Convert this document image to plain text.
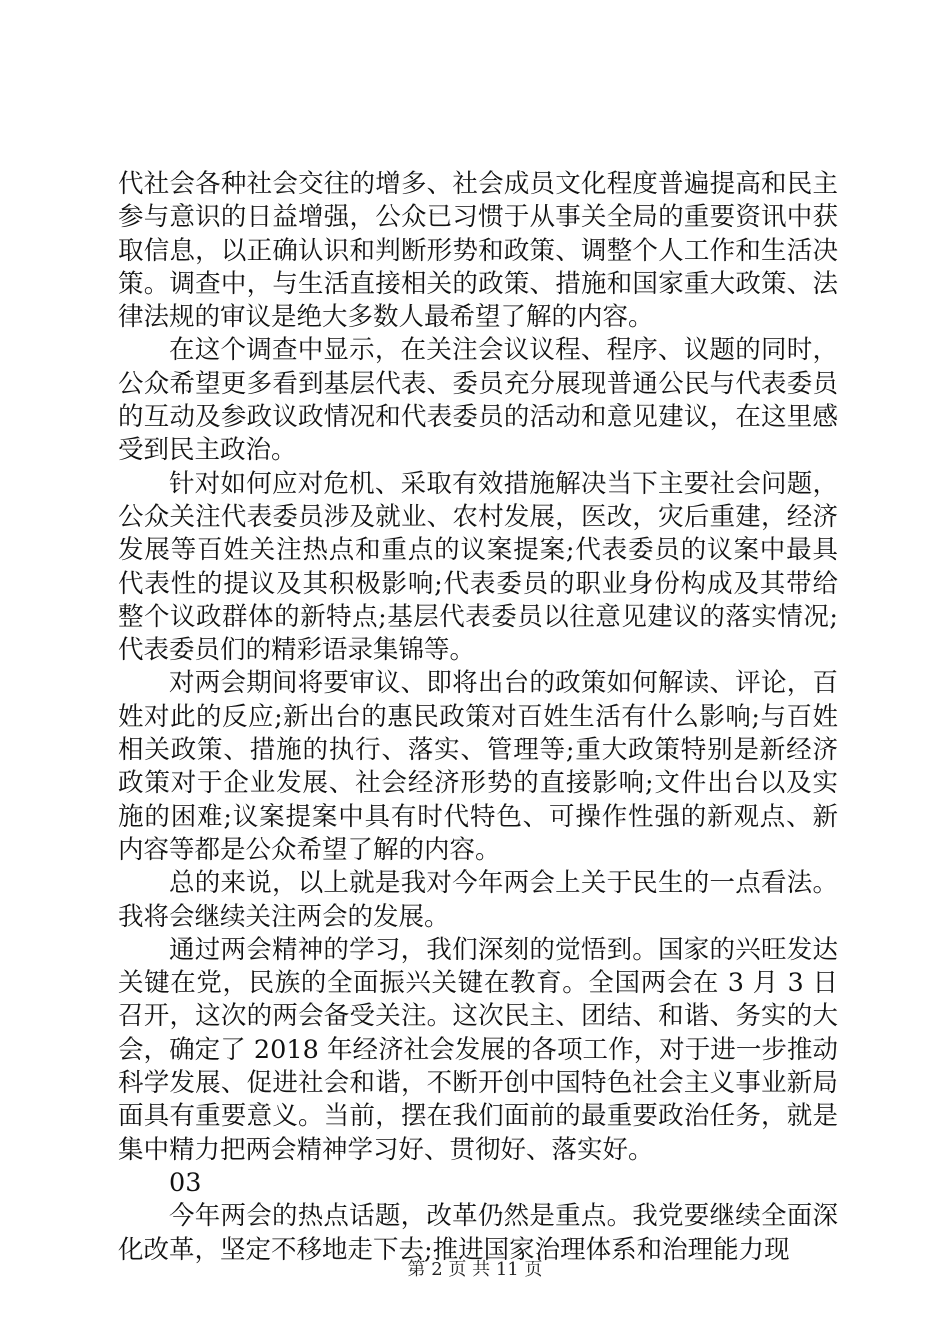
代社会各种社会交往的增多、社会成员文化程度普遍提高和民主参与意识的日益增强，公众已习惯于从事关全局的重要资讯中获取信息，以正确认识和判断形势和政策、调整个人工作和生活决策。调查中，与生活直接相关的政策、措施和国家重大政策、法律法规的审议是绝大多数人最希望了解的内容。

在这个调查中显示，在关注会议议程、程序、议题的同时，公众希望更多看到基层代表、委员充分展现普通公民与代表委员的互动及参政议政情况和代表委员的活动和意见建议，在这里感受到民主政治。

针对如何应对危机、采取有效措施解决当下主要社会问题，公众关注代表委员涉及就业、农村发展，医改，灾后重建，经济发展等百姓关注热点和重点的议案提案;代表委员的议案中最具代表性的提议及其积极影响;代表委员的职业身份构成及其带给整个议政群体的新特点;基层代表委员以往意见建议的落实情况;代表委员们的精彩语录集锦等。

对两会期间将要审议、即将出台的政策如何解读、评论，百姓对此的反应;新出台的惠民政策对百姓生活有什么影响;与百姓相关政策、措施的执行、落实、管理等;重大政策特别是新经济政策对于企业发展、社会经济形势的直接影响;文件出台以及实施的困难;议案提案中具有时代特色、可操作性强的新观点、新内容等都是公众希望了解的内容。

总的来说，以上就是我对今年两会上关于民生的一点看法。我将会继续关注两会的发展。

通过两会精神的学习，我们深刻的觉悟到。国家的兴旺发达关键在党，民族的全面振兴关键在教育。全国两会在 3 月 3 日召开，这次的两会备受关注。这次民主、团结、和谐、务实的大会，确定了 2018 年经济社会发展的各项工作，对于进一步推动科学发展、促进社会和谐，不断开创中国特色社会主义事业新局面具有重要意义。当前，摆在我们面前的最重要政治任务，就是集中精力把两会精神学习好、贯彻好、落实好。

03

今年两会的热点话题，改革仍然是重点。我党要继续全面深化改革，坚定不移地走下去;推进国家治理体系和治理能力现

第 2 页 共 11 页
